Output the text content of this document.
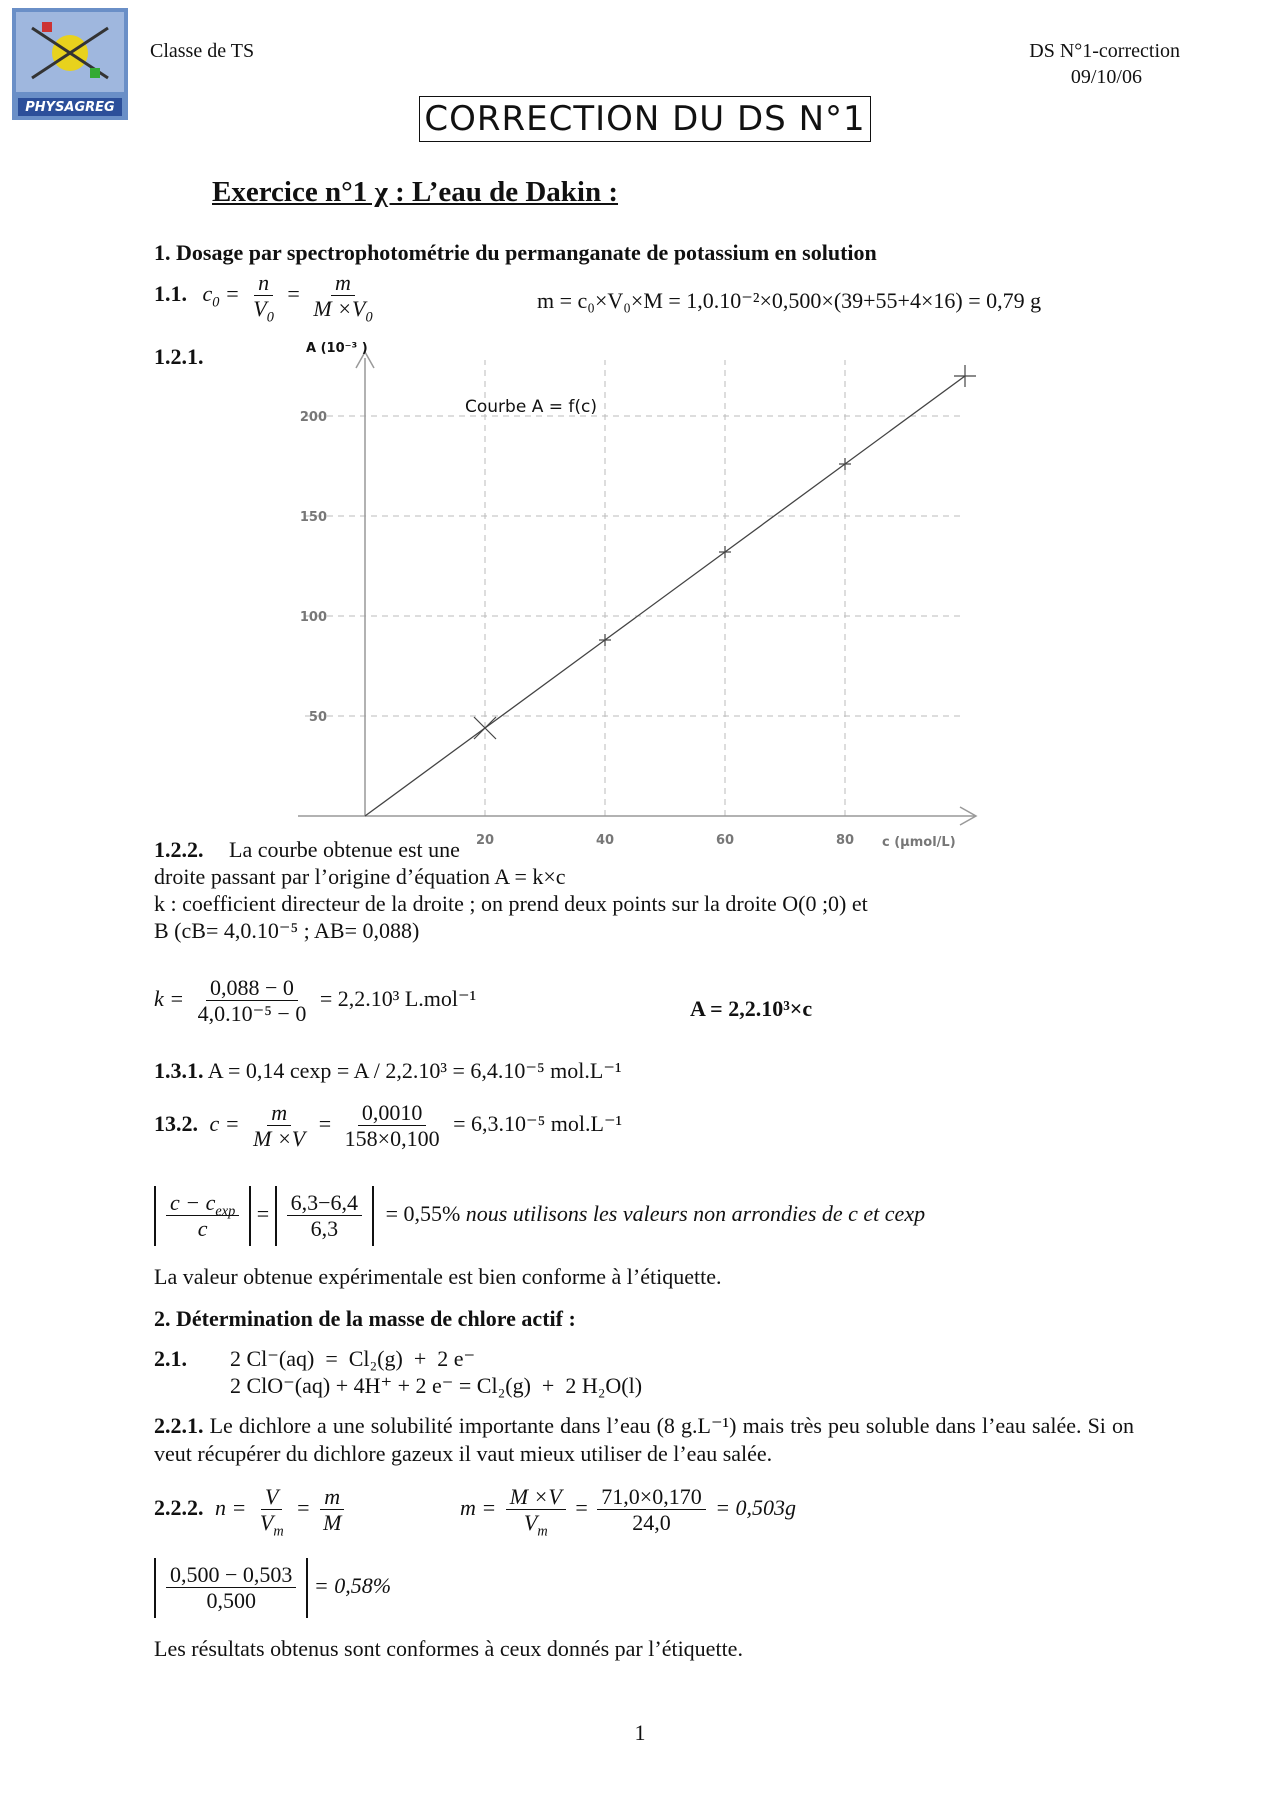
PHYSAGREG
Classe de TS	DS N°1-correction
09/10/06
CORRECTION DU DS N°1
Exercice n°1 χ : L’eau de Dakin :
1. Dosage par spectrophotométrie du permanganate de potassium en solution
1.1. $c_0 = \frac{n}{V_0} = \frac{m}{M \times V_0}$	m = c₀×V₀×M = 1,0.10⁻²×0,500×(39+55+4×16) = 0,79 g
1.2.1.
50
100
150
200
20	40	60	80
Courbe A = f(c)
A (10⁻³ )
c (µmol/L)
1.2.2. La courbe obtenue est une
droite passant par l’origine d’équation A = k×c
k : coefficient directeur de la droite ; on prend deux points sur la droite O(0 ;0) et
B (cB= 4,0.10⁻⁵ ; AB= 0,088)
$k = \frac{0,088 - 0}{\text{4,0.10⁻⁵ − 0}} = 2,2.10^3$ L.mol⁻¹	A = 2,2.10³×c
1.3.1. A = 0,14 cexp = A / 2,2.10³ = 6,4.10⁻⁵ mol.L⁻¹
13.2. $c = \frac{m}{M \times V} = \frac{0,0010}{158\times 0,100} = 6,3.10^{-5}$ mol.L⁻¹
$\frac{c - c_{exp}}{c} = \frac{6,3-6,4}{6,3} = 0,55\%$ nous utilisons les valeurs non arrondies de c et cexp
La valeur obtenue expérimentale est bien conforme à l’étiquette.
2. Détermination de la masse de chlore actif :
2.1. 2 Cl⁻(aq)  =  Cl₂(g)  +  2 e⁻
2 ClO⁻(aq) + 4H⁺ + 2 e⁻ = Cl₂(g)  +  2 H₂O(l)
2.2.1. Le dichlore a une solubilité importante dans l’eau (8 g.L⁻¹) mais très peu soluble dans l’eau salée. Si on veut récupérer du dichlore gazeux il vaut mieux utiliser de l’eau salée.
2.2.2. $n = \frac{V}{V_m} = \frac{m}{M}$	$m = \frac{M \times V}{V_m} = \frac{71,0\times 0,170}{24,0} = 0,503g$
$\frac{0,500 - 0,503}{0,500} = 0,58\%$
Les résultats obtenus sont conformes à ceux donnés par l’étiquette.
1
